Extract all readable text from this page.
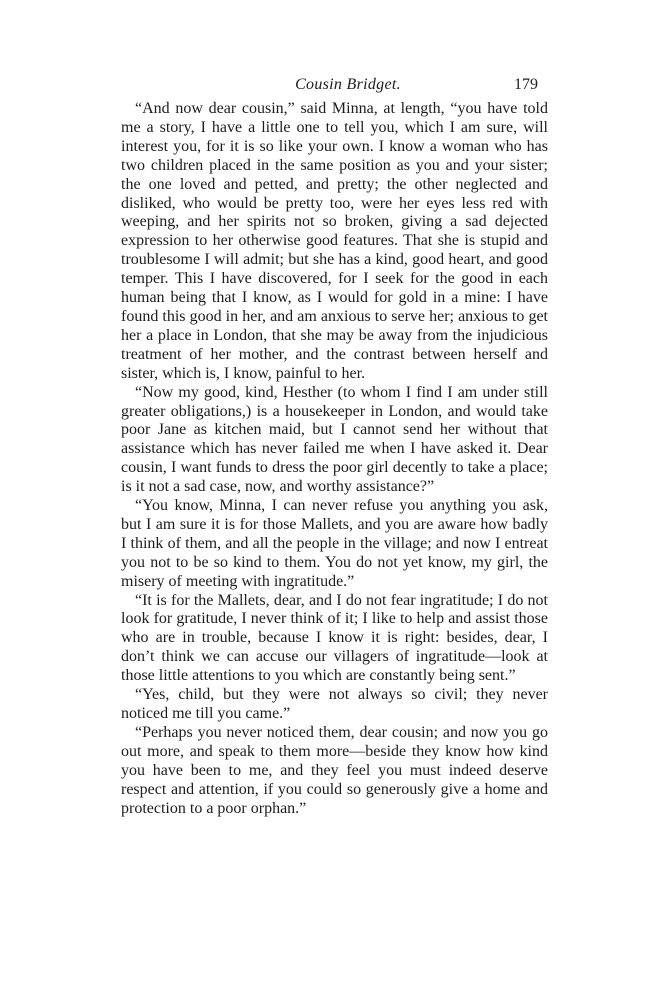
Cousin Bridget.	179

“And now dear cousin,” said Minna, at length, “you have told me a story, I have a little one to tell you, which I am sure, will interest you, for it is so like your own. I know a woman who has two children placed in the same position as you and your sister; the one loved and petted, and pretty; the other neglected and disliked, who would be pretty too, were her eyes less red with weeping, and her spirits not so broken, giving a sad dejected expression to her otherwise good features. That she is stupid and troublesome I will admit; but she has a kind, good heart, and good temper. This I have discovered, for I seek for the good in each human being that I know, as I would for gold in a mine: I have found this good in her, and am anxious to serve her; anxious to get her a place in London, that she may be away from the injudicious treatment of her mother, and the contrast between herself and sister, which is, I know, painful to her.

“Now my good, kind, Hesther (to whom I find I am under still greater obligations,) is a housekeeper in London, and would take poor Jane as kitchen maid, but I cannot send her without that assistance which has never failed me when I have asked it. Dear cousin, I want funds to dress the poor girl decently to take a place; is it not a sad case, now, and worthy assistance?”

“You know, Minna, I can never refuse you anything you ask, but I am sure it is for those Mallets, and you are aware how badly I think of them, and all the people in the village; and now I entreat you not to be so kind to them. You do not yet know, my girl, the misery of meeting with ingratitude.”

“It is for the Mallets, dear, and I do not fear ingratitude; I do not look for gratitude, I never think of it; I like to help and assist those who are in trouble, because I know it is right: besides, dear, I don’t think we can accuse our villagers of ingratitude—look at those little attentions to you which are constantly being sent.”

“Yes, child, but they were not always so civil; they never noticed me till you came.”

“Perhaps you never noticed them, dear cousin; and now you go out more, and speak to them more—beside they know how kind you have been to me, and they feel you must indeed deserve respect and attention, if you could so generously give a home and protection to a poor orphan.”
